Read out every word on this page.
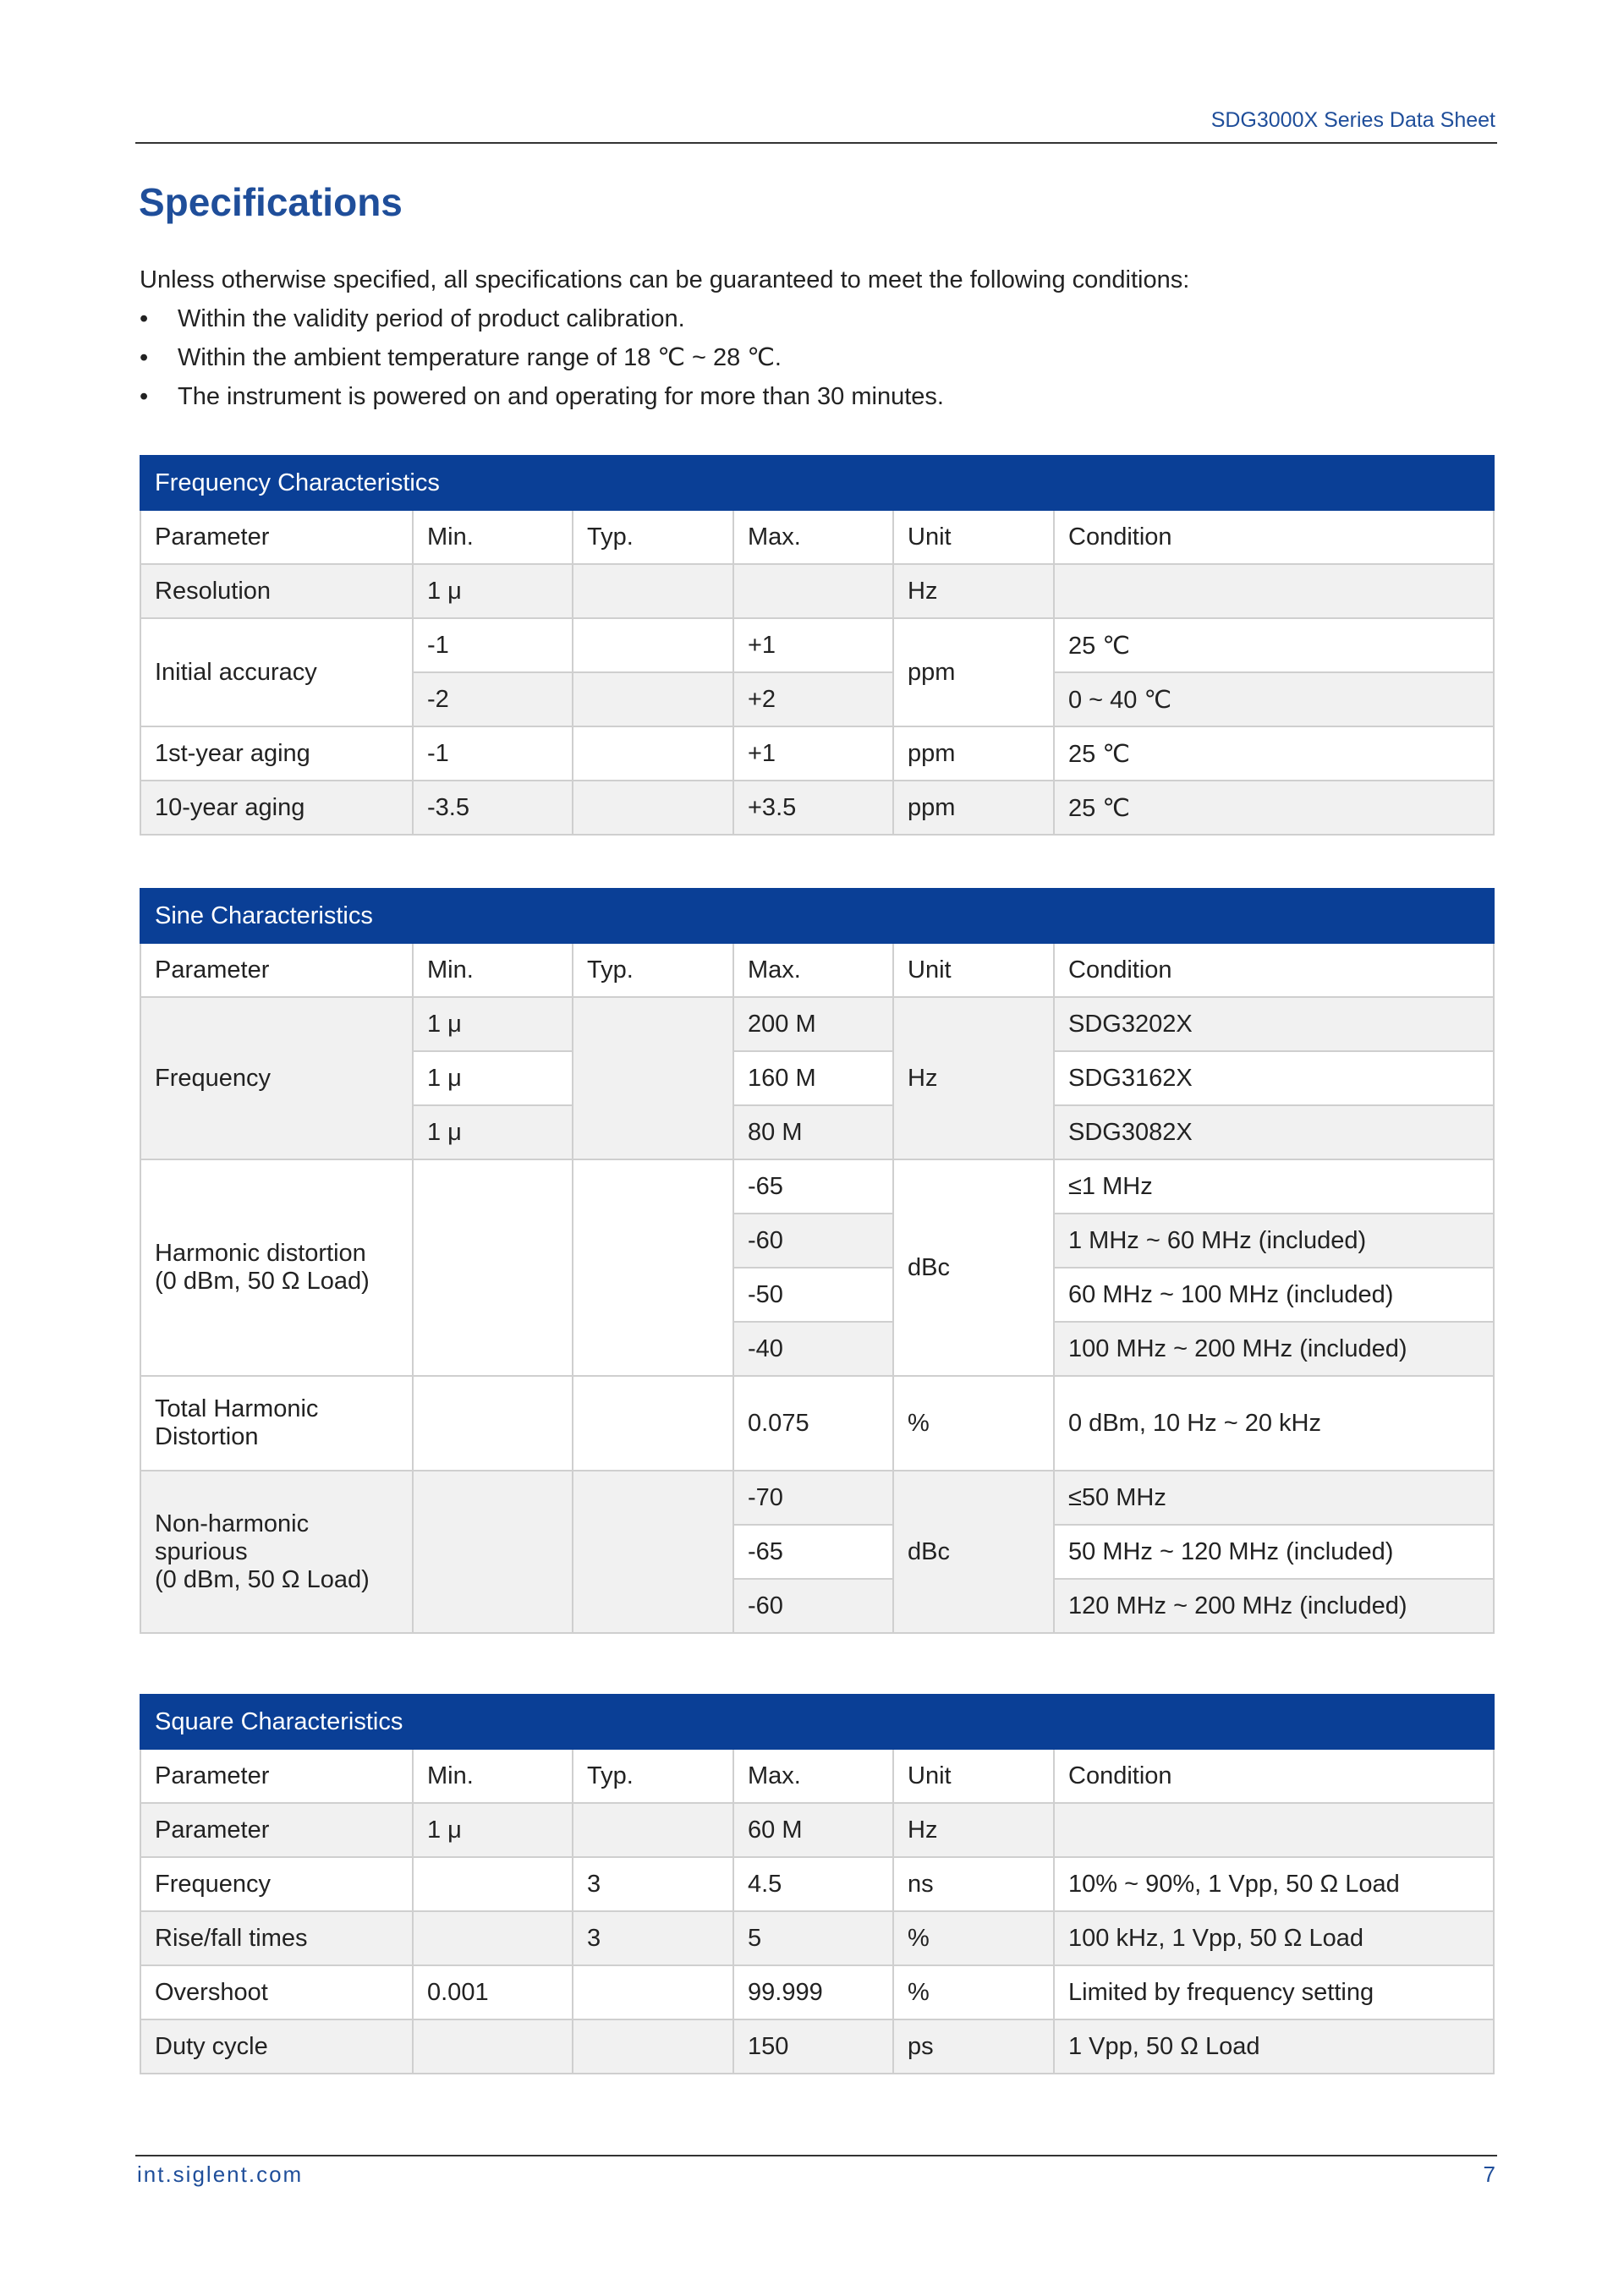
SDG3000X Series Data Sheet
Specifications
Unless otherwise specified, all specifications can be guaranteed to meet the following conditions:
• Within the validity period of product calibration.
• Within the ambient temperature range of 18 ℃ ~ 28 ℃.
• The instrument is powered on and operating for more than 30 minutes.
Frequency Characteristics					
Parameter	Min.	Typ.	Max.	Unit	Condition
Resolution	1 μ			Hz	
Initial accuracy	-1		+1	ppm	25 ℃
	-2		+2		0 ~ 40 ℃
1st-year aging	-1		+1	ppm	25 ℃
10-year aging	-3.5		+3.5	ppm	25 ℃
Sine Characteristics					
Parameter	Min.	Typ.	Max.	Unit	Condition
Frequency	1 μ		200 M	Hz	SDG3202X
	1 μ		160 M		SDG3162X
	1 μ		80 M		SDG3082X
Harmonic distortion
(0 dBm, 50 Ω Load)			-65	dBc	≤1 MHz
			-60		1 MHz ~ 60 MHz (included)
			-50		60 MHz ~ 100 MHz (included)
			-40		100 MHz ~ 200 MHz (included)
Total Harmonic
Distortion			0.075	%	0 dBm, 10 Hz ~ 20 kHz
Non-harmonic
spurious
(0 dBm, 50 Ω Load)			-70	dBc	≤50 MHz
			-65		50 MHz ~ 120 MHz (included)
			-60		120 MHz ~ 200 MHz (included)
Square Characteristics					
Parameter	Min.	Typ.	Max.	Unit	Condition
Parameter	1 μ		60 M	Hz	
Frequency		3	4.5	ns	10% ~ 90%, 1 Vpp, 50 Ω Load
Rise/fall times		3	5	%	100 kHz, 1 Vpp, 50 Ω Load
Overshoot	0.001		99.999	%	Limited by frequency setting
Duty cycle			150	ps	1 Vpp, 50 Ω Load
int.siglent.com	7
